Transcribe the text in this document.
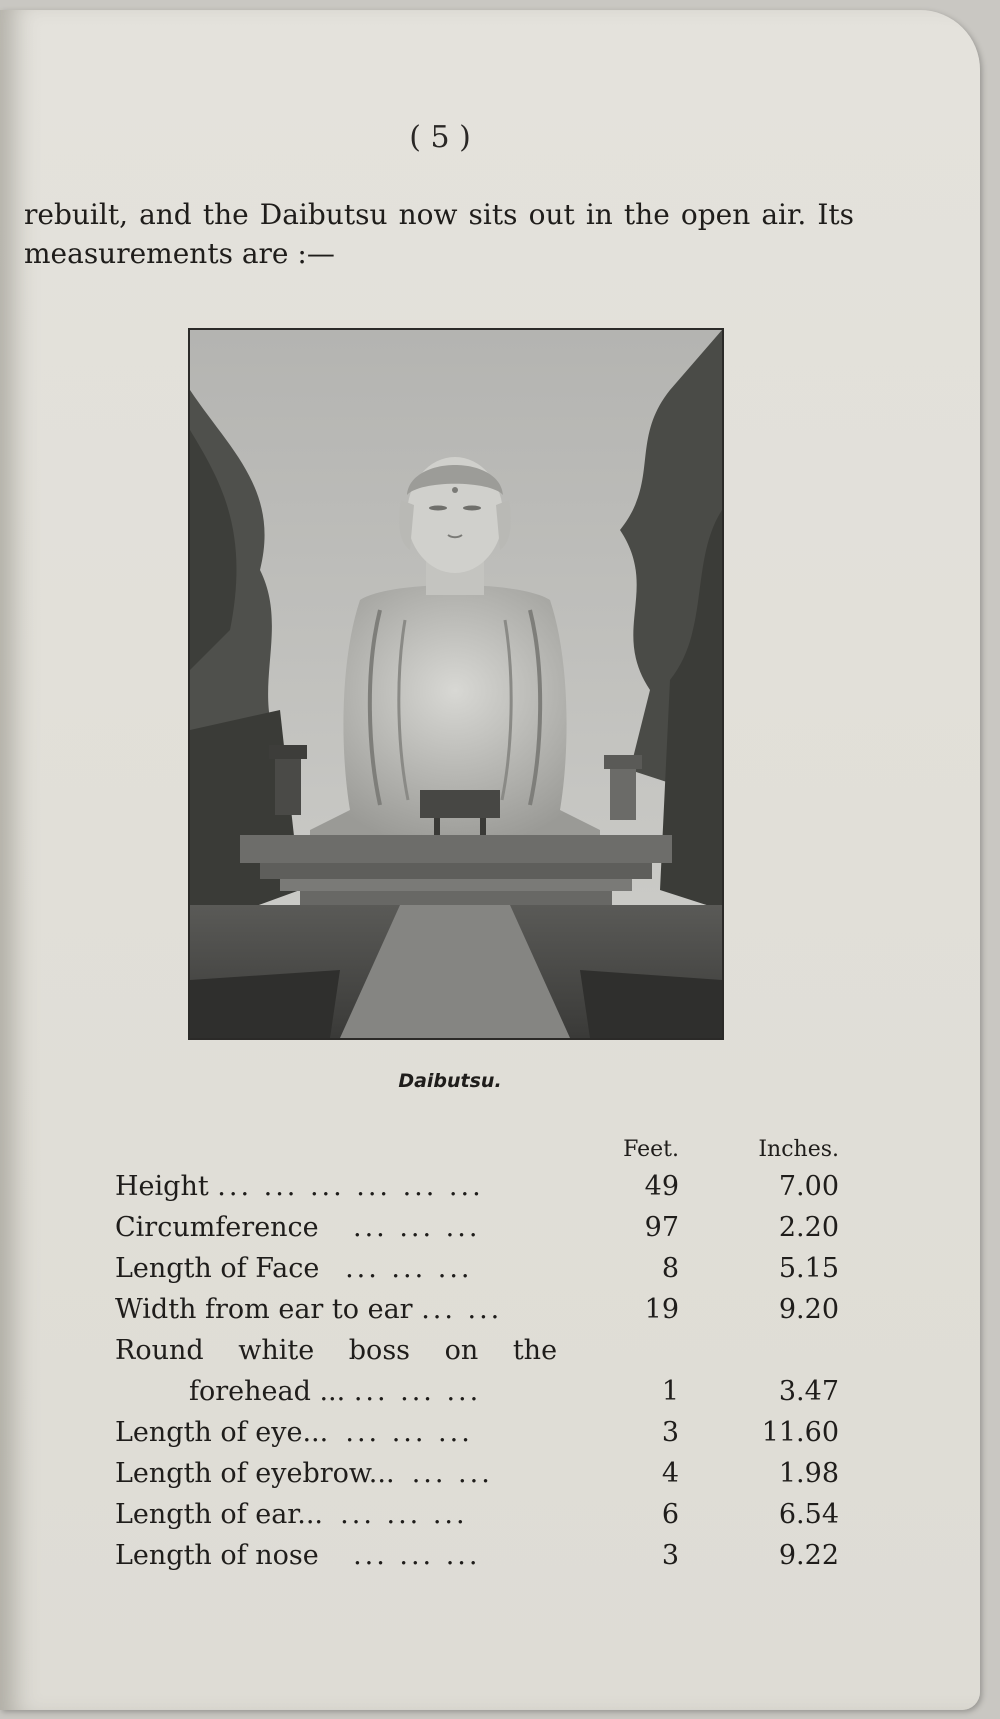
( 5 )
rebuilt, and the Daibutsu now sits out in the open air. Its measurements are :—
Daibutsu.
	Feet.	Inches.
Height ... ... ... ... ... ...	49	7.00
Circumference ... ... ...	97	2.20
Length of Face ... ... ...	8	5.15
Width from ear to ear ... ...	19	9.20
Round white boss on the		
forehead ... ... ... ...	1	3.47
Length of eye... ... ... ...	3	11.60
Length of eyebrow... ... ...	4	1.98
Length of ear... ... ... ...	6	6.54
Length of nose ... ... ...	3	9.22
